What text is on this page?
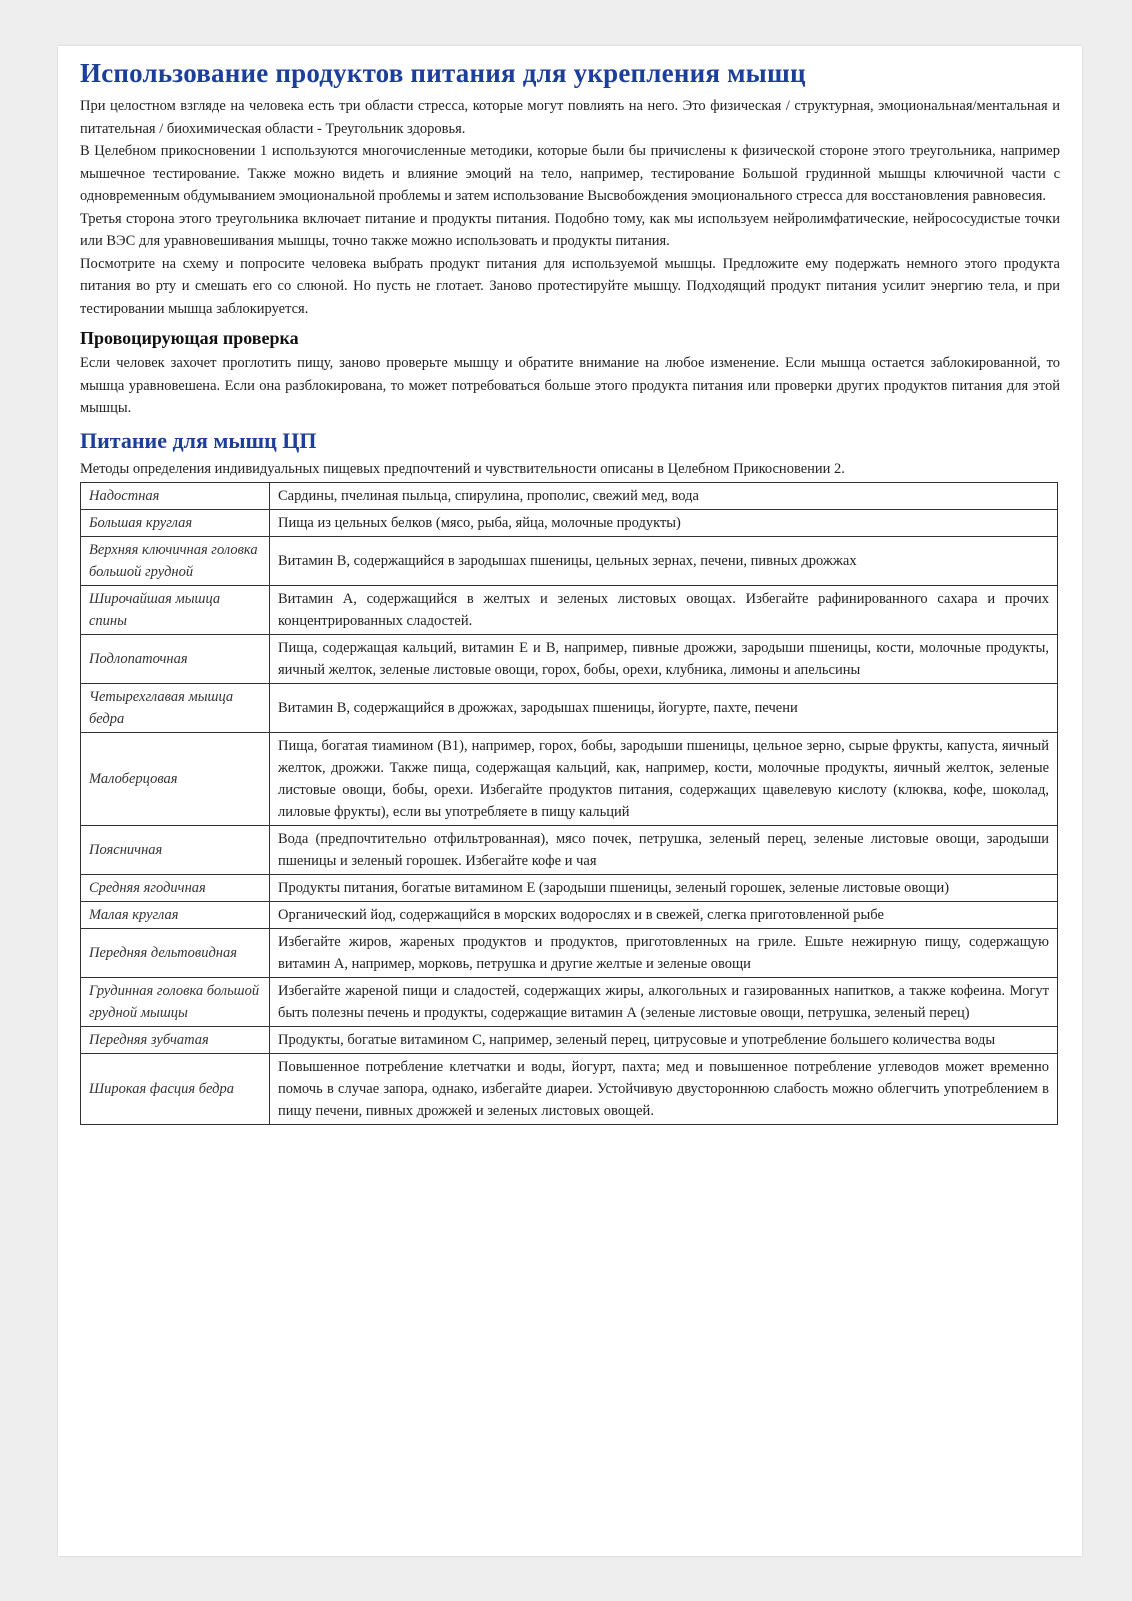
Использование продуктов питания для укрепления мышц

При целостном взгляде на человека есть три области стресса, которые могут повлиять на него. Это физическая / структурная, эмоциональная/ментальная и питательная / биохимическая области - Треугольник здоровья.

В Целебном прикосновении 1 используются многочисленные методики, которые были бы причислены к физической стороне этого треугольника, например мышечное тестирование. Также можно видеть и влияние эмоций на тело, например, тестирование Большой грудинной мышцы ключичной части с одновременным обдумыванием эмоциональной проблемы и затем использование Высвобождения эмоционального стресса для восстановления равновесия.

Третья сторона этого треугольника включает питание и продукты питания. Подобно тому, как мы используем нейролимфатические, нейрососудистые точки или ВЭС для уравновешивания мышцы, точно также можно использовать и продукты питания.

Посмотрите на схему и попросите человека выбрать продукт питания для используемой мышцы. Предложите ему подержать немного этого продукта питания во рту и смешать его со слюной. Но пусть не глотает. Заново протестируйте мышцу. Подходящий продукт питания усилит энергию тела, и при тестировании мышца заблокируется.

Провоцирующая проверка

Если человек захочет проглотить пищу, заново проверьте мышцу и обратите внимание на любое изменение. Если мышца остается заблокированной, то мышца уравновешена. Если она разблокирована, то может потребоваться больше этого продукта питания или проверки других продуктов питания для этой мышцы.

Питание для мышц ЦП

Методы определения индивидуальных пищевых предпочтений и чувствительности описаны в Целебном Прикосновении 2.

Надостная	Сардины, пчелиная пыльца, спирулина, прополис, свежий мед, вода
Большая круглая	Пища из цельных белков (мясо, рыба, яйца, молочные продукты)
Верхняя ключичная головка большой грудной	Витамин В, содержащийся в зародышах пшеницы, цельных зернах, печени, пивных дрожжах
Широчайшая мышца спины	Витамин А, содержащийся в желтых и зеленых листовых овощах. Избегайте рафинированного сахара и прочих концентрированных сладостей.
Подлопаточная	Пища, содержащая кальций, витамин Е и В, например, пивные дрожжи, зародыши пшеницы, кости, молочные продукты, яичный желток, зеленые листовые овощи, горох, бобы, орехи, клубника, лимоны и апельсины
Четырехглавая мышца бедра	Витамин В, содержащийся в дрожжах, зародышах пшеницы, йогурте, пахте, печени
Малоберцовая	Пища, богатая тиамином (В1), например, горох, бобы, зародыши пшеницы, цельное зерно, сырые фрукты, капуста, яичный желток, дрожжи. Также пища, содержащая кальций, как, например, кости, молочные продукты, яичный желток, зеленые листовые овощи, бобы, орехи. Избегайте продуктов питания, содержащих щавелевую кислоту (клюква, кофе, шоколад, лиловые фрукты), если вы употребляете в пищу кальций
Поясничная	Вода (предпочтительно отфильтрованная), мясо почек, петрушка, зеленый перец, зеленые листовые овощи, зародыши пшеницы и зеленый горошек. Избегайте кофе и чая
Средняя ягодичная	Продукты питания, богатые витамином Е (зародыши пшеницы, зеленый горошек, зеленые листовые овощи)
Малая круглая	Органический йод, содержащийся в морских водорослях и в свежей, слегка приготовленной рыбе
Передняя дельтовидная	Избегайте жиров, жареных продуктов и продуктов, приготовленных на гриле. Ешьте нежирную пищу, содержащую витамин А, например, морковь, петрушка и другие желтые и зеленые овощи
Грудинная головка большой грудной мышцы	Избегайте жареной пищи и сладостей, содержащих жиры, алкогольных и газированных напитков, а также кофеина. Могут быть полезны печень и продукты, содержащие витамин А (зеленые листовые овощи, петрушка, зеленый перец)
Передняя зубчатая	Продукты, богатые витамином С, например, зеленый перец, цитрусовые и употребление большего количества воды
Широкая фасция бедра	Повышенное потребление клетчатки и воды, йогурт, пахта; мед и повышенное потребление углеводов может временно помочь в случае запора, однако, избегайте диареи. Устойчивую двустороннюю слабость можно облегчить употреблением в пищу печени, пивных дрожжей и зеленых листовых овощей.
